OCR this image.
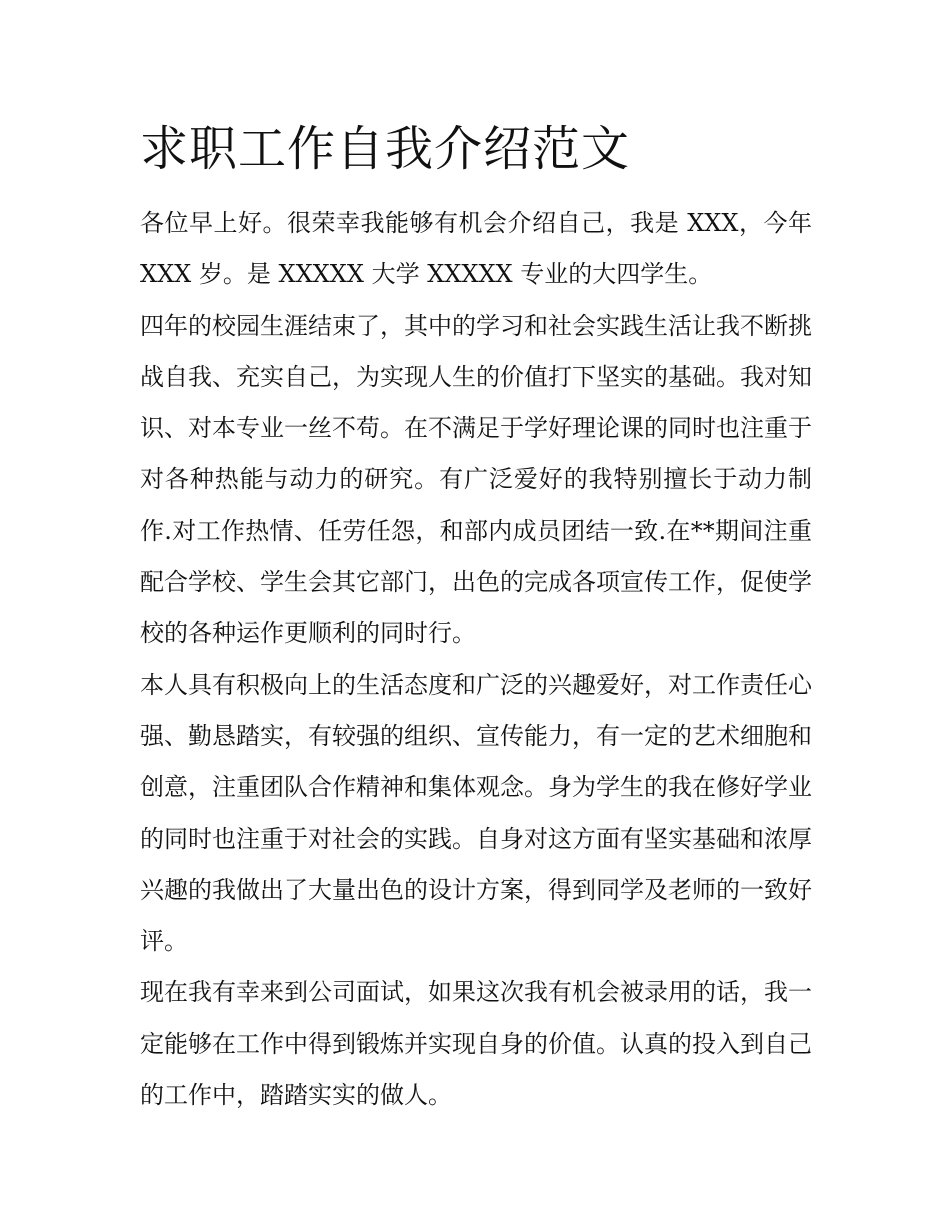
求职工作自我介绍范文

各位早上好。很荣幸我能够有机会介绍自己，我是 XXX，今年 XXX 岁。是 XXXXX 大学 XXXXX 专业的大四学生。

四年的校园生涯结束了，其中的学习和社会实践生活让我不断挑战自我、充实自己，为实现人生的价值打下坚实的基础。我对知识、对本专业一丝不苟。在不满足于学好理论课的同时也注重于对各种热能与动力的研究。有广泛爱好的我特别擅长于动力制作.对工作热情、任劳任怨，和部内成员团结一致.在**期间注重配合学校、学生会其它部门，出色的完成各项宣传工作，促使学校的各种运作更顺利的同时行。

本人具有积极向上的生活态度和广泛的兴趣爱好，对工作责任心强、勤恳踏实，有较强的组织、宣传能力，有一定的艺术细胞和创意，注重团队合作精神和集体观念。身为学生的我在修好学业的同时也注重于对社会的实践。自身对这方面有坚实基础和浓厚兴趣的我做出了大量出色的设计方案，得到同学及老师的一致好评。

现在我有幸来到公司面试，如果这次我有机会被录用的话，我一定能够在工作中得到锻炼并实现自身的价值。认真的投入到自己的工作中，踏踏实实的做人。
